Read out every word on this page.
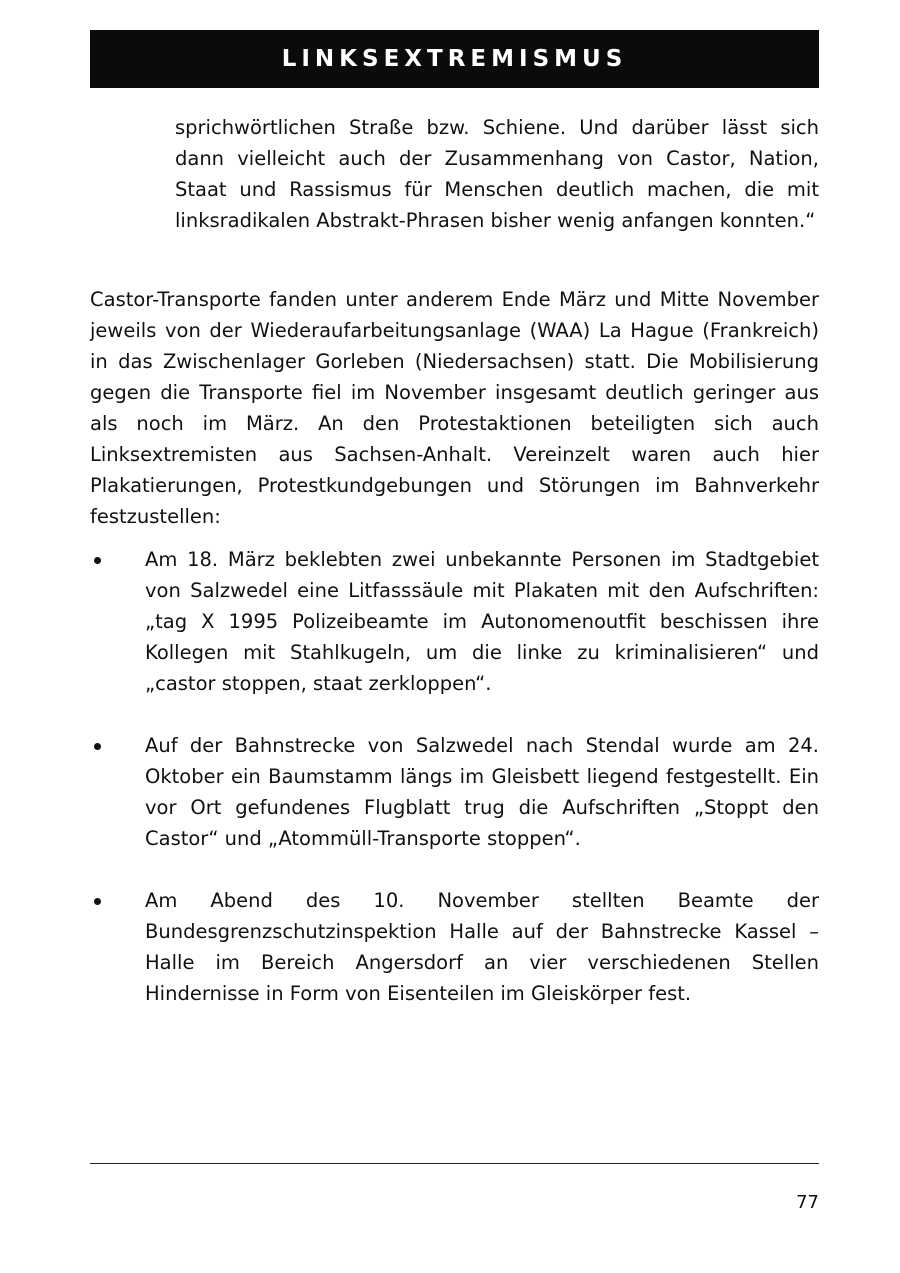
LINKSEXTREMISMUS
sprichwörtlichen Straße bzw. Schiene. Und darüber lässt sich dann vielleicht auch der Zusammenhang von Castor, Nation, Staat und Rassismus für Menschen deutlich machen, die mit linksradikalen Abstrakt-Phrasen bisher wenig anfangen konnten.“
Castor-Transporte fanden unter anderem Ende März und Mitte November jeweils von der Wiederaufarbeitungsanlage (WAA) La Hague (Frankreich) in das Zwischenlager Gorleben (Niedersachsen) statt. Die Mobilisierung gegen die Transporte fiel im November insgesamt deutlich geringer aus als noch im März. An den Protestaktionen beteiligten sich auch Linksextremisten aus Sachsen-Anhalt. Vereinzelt waren auch hier Plakatierungen, Protestkundgebungen und Störungen im Bahnverkehr festzustellen:
Am 18. März beklebten zwei unbekannte Personen im Stadtgebiet von Salzwedel eine Litfasssäule mit Plakaten mit den Aufschriften: „tag X 1995 Polizeibeamte im Autonomenoutfit beschissen ihre Kollegen mit Stahlkugeln, um die linke zu kriminalisieren“ und „castor stoppen, staat zerkloppen“.
Auf der Bahnstrecke von Salzwedel nach Stendal wurde am 24. Oktober ein Baumstamm längs im Gleisbett liegend festgestellt. Ein vor Ort gefundenes Flugblatt trug die Aufschriften „Stoppt den Castor“ und „Atommüll-Transporte stoppen“.
Am Abend des 10. November stellten Beamte der Bundesgrenzschutzinspektion Halle auf der Bahnstrecke Kassel – Halle im Bereich Angersdorf an vier verschiedenen Stellen Hindernisse in Form von Eisenteilen im Gleiskörper fest.
77
